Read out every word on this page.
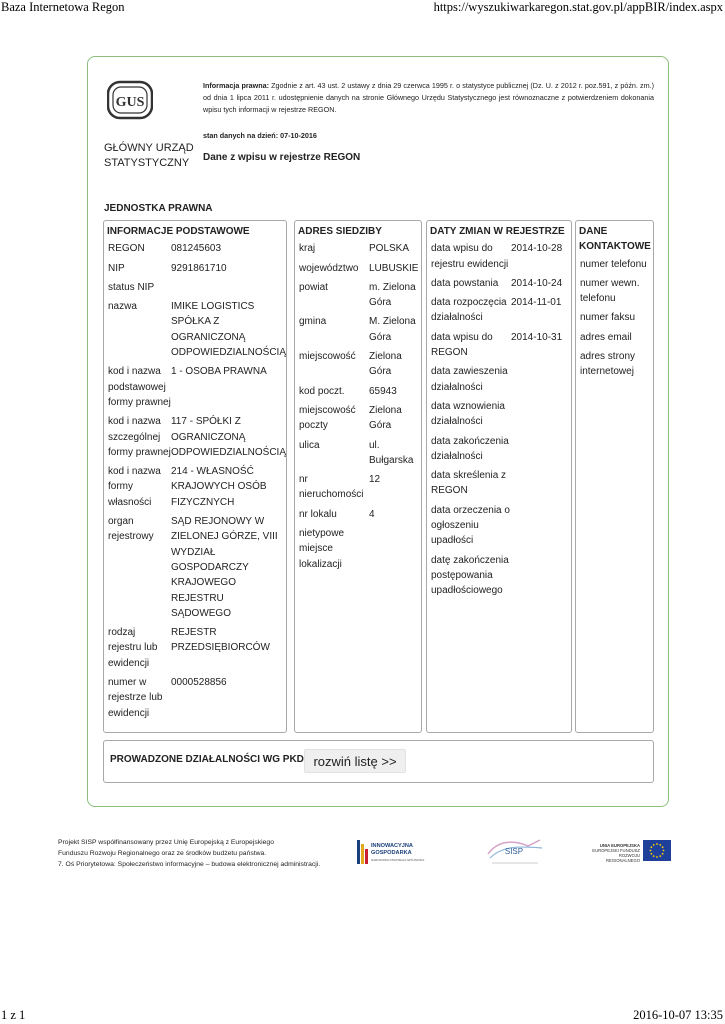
Baza Internetowa Regon	https://wyszukiwarkaregon.stat.gov.pl/appBIR/index.aspx
GUS
GŁÓWNY URZĄD
STATYSTYCZNY
Informacja prawna: Zgodnie z art. 43 ust. 2 ustawy z dnia 29 czerwca 1995 r. o statystyce publicznej (Dz. U. z 2012 r. poz.591, z późn. zm.) od dnia 1 lipca 2011 r. udostępnienie danych na stronie Głównego Urzędu Statystycznego jest równoznaczne z potwierdzeniem dokonania wpisu tych informacji w rejestrze REGON.
stan danych na dzień: 07-10-2016
Dane z wpisu w rejestrze REGON
JEDNOSTKA PRAWNA
INFORMACJE PODSTAWOWE
REGON	081245603
NIP	9291861710
status NIP	
nazwa	IMIKE LOGISTICS SPÓŁKA Z OGRANICZONĄ ODPOWIEDZIALNOŚCIĄ
kod i nazwa podstawowej formy prawnej	1 - OSOBA PRAWNA
kod i nazwa szczególnej formy prawnej	117 - SPÓŁKI Z OGRANICZONĄ ODPOWIEDZIALNOŚCIĄ
kod i nazwa formy własności	214 - WŁASNOŚĆ KRAJOWYCH OSÓB FIZYCZNYCH
organ rejestrowy	SĄD REJONOWY W ZIELONEJ GÓRZE, VIII WYDZIAŁ GOSPODARCZY KRAJOWEGO REJESTRU SĄDOWEGO
rodzaj rejestru lub ewidencji	REJESTR PRZEDSIĘBIORCÓW
numer w rejestrze lub ewidencji	0000528856
ADRES SIEDZIBY
kraj	POLSKA
województwo	LUBUSKIE
powiat	m. Zielona Góra
gmina	M. Zielona Góra
miejscowość	Zielona Góra
kod poczt.	65943
miejscowość poczty	Zielona Góra
ulica	ul. Bułgarska
nr nieruchomości	12
nr lokalu	4
nietypowe miejsce lokalizacji	
DATY ZMIAN W REJESTRZE
data wpisu do rejestru ewidencji	2014-10-28
data powstania	2014-10-24
data rozpoczęcia działalności	2014-11-01
data wpisu do REGON	2014-10-31
data zawieszenia działalności	
data wznowienia działalności	
data zakończenia działalności	
data skreślenia z REGON	
data orzeczenia o ogłoszeniu upadłości	
datę zakończenia postępowania upadłościowego	
DANE KONTAKTOWE
numer telefonu
numer wewn. telefonu
numer faksu
adres email
adres strony internetowej
PROWADZONE DZIAŁALNOŚCI WG PKD rozwiń listę >>
Projekt SISP współfinansowany przez Unię Europejską z Europejskiego
Funduszu Rozwoju Regionalnego oraz ze środków budżetu państwa.
7. Oś Priorytetowa: Społeczeństwo informacyjne – budowa elektronicznej administracji.
INNOWACYJNA
GOSPODARKA
NARODOWA STRATEGIA SPÓJNOŚCI
SISP
UNIA EUROPEJSKA
EUROPEJSKI FUNDUSZ
ROZWOJU REGIONALNEGO
1 z 1	2016-10-07 13:35
